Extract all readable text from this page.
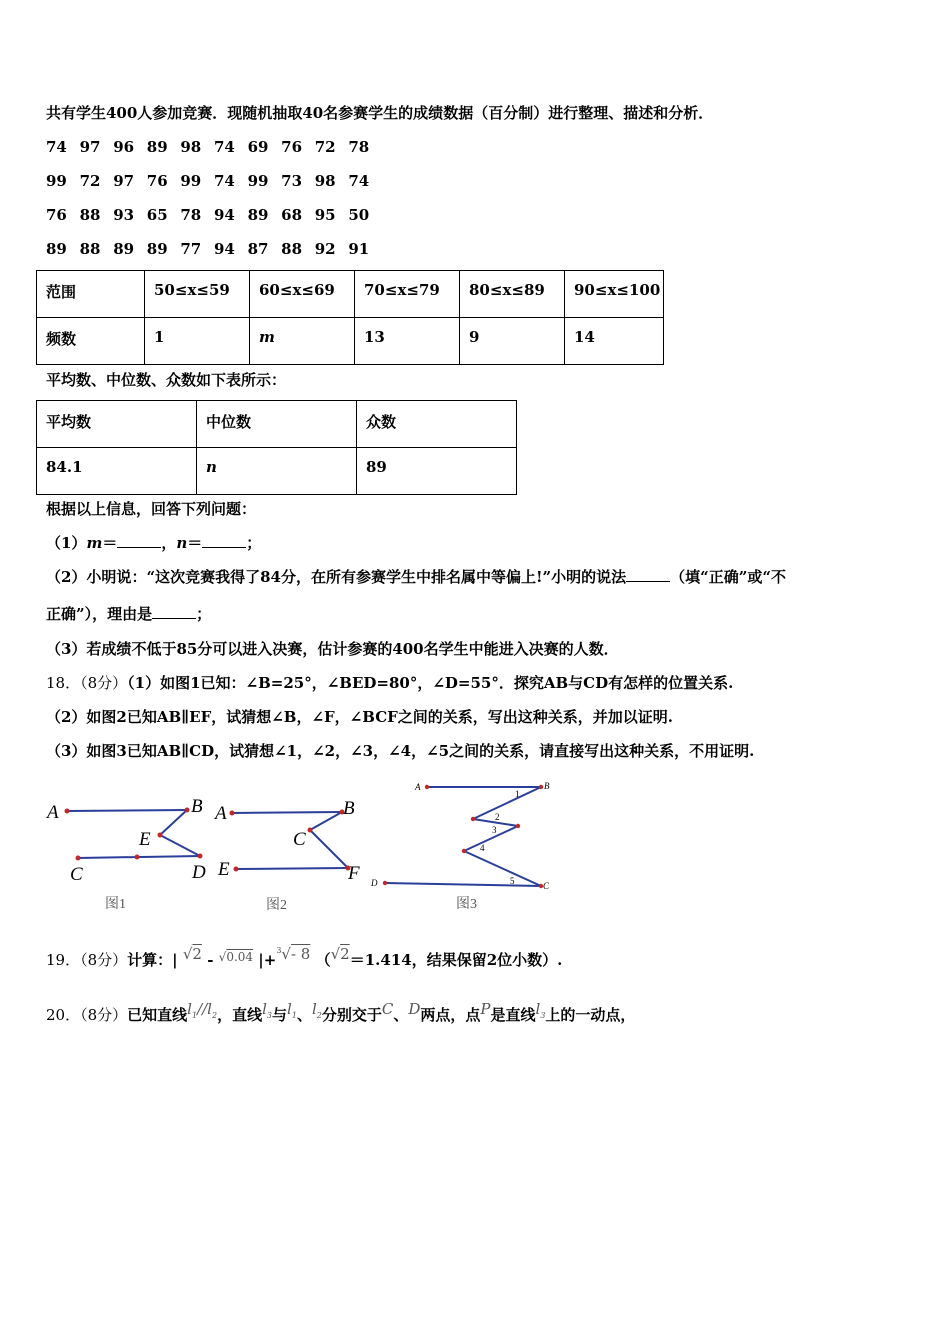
共有学生400人参加竞赛．现随机抽取40名参赛学生的成绩数据（百分制）进行整理、描述和分析．
74 97 96 89 98 74 69 76 72 78
99 72 97 76 99 74 99 73 98 74
76 88 93 65 78 94 89 68 95 50
89 88 89 89 77 94 87 88 92 91
范围	50≤x≤59	60≤x≤69	70≤x≤79	80≤x≤89	90≤x≤100
频数	1	m	13	9	14
平均数、中位数、众数如下表所示：
平均数	中位数	众数
84.1	n	89
根据以上信息，回答下列问题：
（1）m＝	，n＝	；
（2）小明说：“这次竞赛我得了84分，在所有参赛学生中排名属中等偏上!”小明的说法	（填“正确”或“不
正确”），理由是	；
（3）若成绩不低于85分可以进入决赛，估计参赛的400名学生中能进入决赛的人数．
18．（8分）（1）如图1已知：∠B=25°，∠BED=80°，∠D=55°．探究AB与CD有怎样的位置关系.
（2）如图2已知AB∥EF，试猜想∠B，∠F，∠BCF之间的关系，写出这种关系，并加以证明.
（3）如图3已知AB∥CD，试猜想∠1，∠2，∠3，∠4，∠5之间的关系，请直接写出这种关系，不用证明.
A	B
E
C	D
图1
A	B
C
E	F
图2
A	B
D	C
1
2
3
4
5
图3
19．（8分）计算：| √2 - $^{√0.04}$ |+$^3$√- 8 （√2＝1.414，结果保留2位小数）.
20．（8分）已知直线$l_1//l_2$，直线$l_3$与$l_1$、$l_2$分别交于C、D两点，点P是直线$l_3$上的一动点，
